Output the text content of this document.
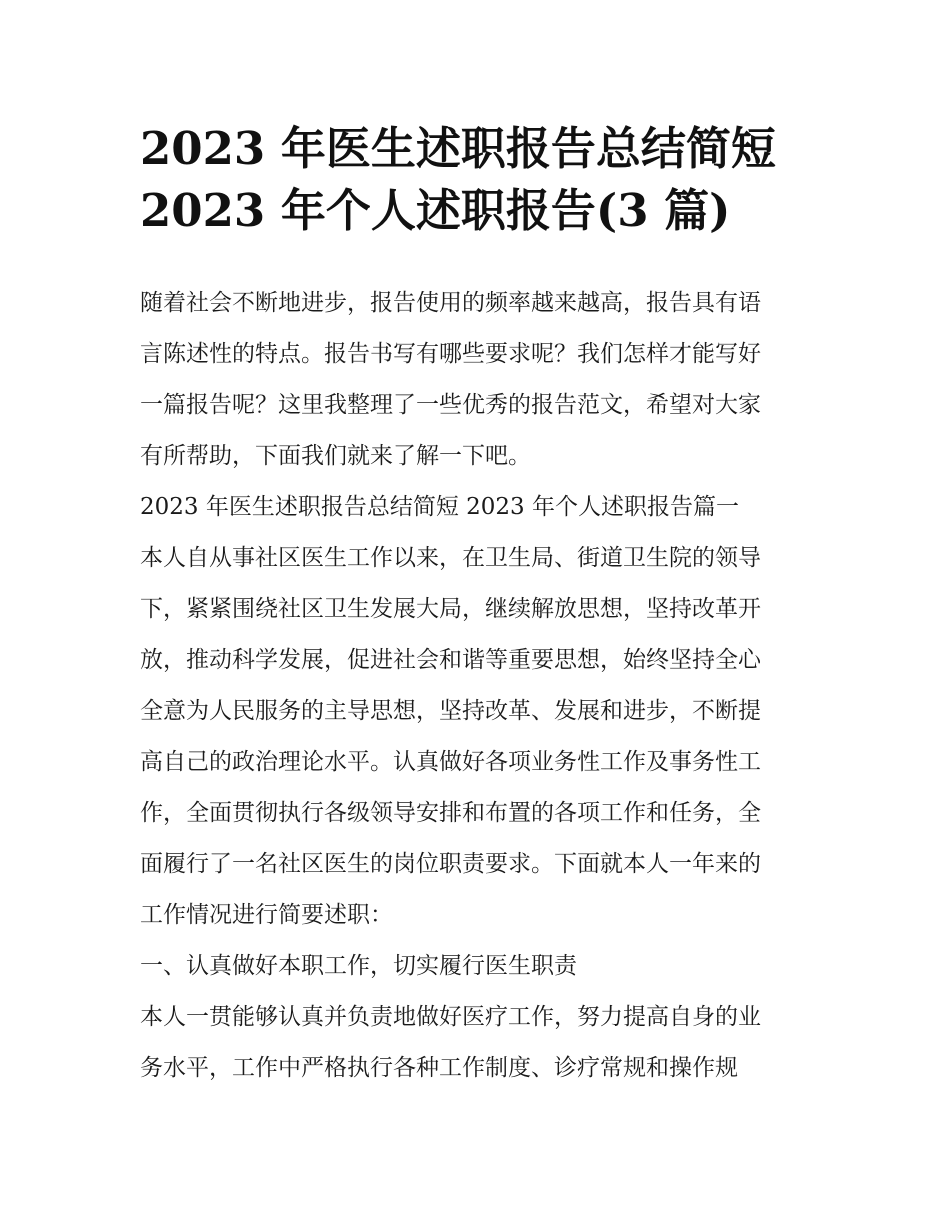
2023 年医生述职报告总结简短
2023 年个人述职报告(3 篇)
随着社会不断地进步，报告使用的频率越来越高，报告具有语
言陈述性的特点。报告书写有哪些要求呢？我们怎样才能写好
一篇报告呢？这里我整理了一些优秀的报告范文，希望对大家
有所帮助，下面我们就来了解一下吧。
2023 年医生述职报告总结简短 2023 年个人述职报告篇一
本人自从事社区医生工作以来，在卫生局、街道卫生院的领导
下，紧紧围绕社区卫生发展大局，继续解放思想，坚持改革开
放，推动科学发展，促进社会和谐等重要思想，始终坚持全心
全意为人民服务的主导思想，坚持改革、发展和进步，不断提
高自己的政治理论水平。认真做好各项业务性工作及事务性工
作，全面贯彻执行各级领导安排和布置的各项工作和任务，全
面履行了一名社区医生的岗位职责要求。下面就本人一年来的
工作情况进行简要述职：
一、认真做好本职工作，切实履行医生职责
本人一贯能够认真并负责地做好医疗工作，努力提高自身的业
务水平，工作中严格执行各种工作制度、诊疗常规和操作规
